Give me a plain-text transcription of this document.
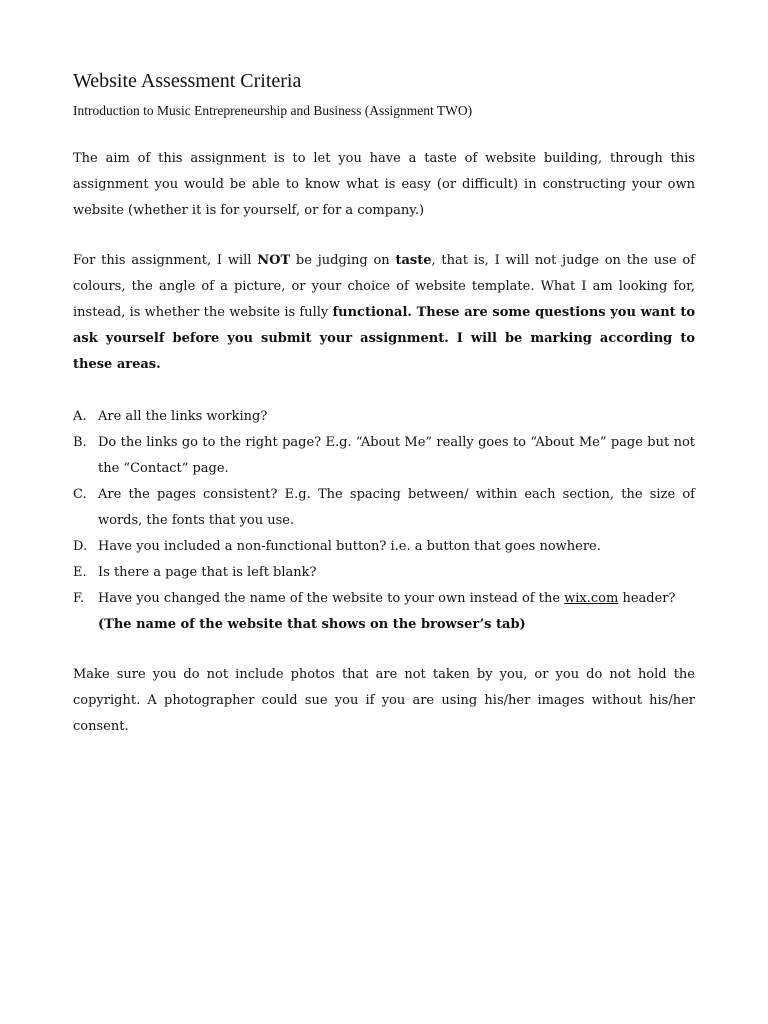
Website Assessment Criteria
Introduction to Music Entrepreneurship and Business (Assignment TWO)

The aim of this assignment is to let you have a taste of website building, through this assignment you would be able to know what is easy (or difficult) in constructing your own website (whether it is for yourself, or for a company.)

For this assignment, I will NOT be judging on taste, that is, I will not judge on the use of colours, the angle of a picture, or your choice of website template. What I am looking for, instead, is whether the website is fully functional. These are some questions you want to ask yourself before you submit your assignment. I will be marking according to these areas.

A. Are all the links working?
B. Do the links go to the right page? E.g. “About Me” really goes to “About Me” page but not the “Contact” page.
C. Are the pages consistent? E.g. The spacing between/ within each section, the size of words, the fonts that you use.
D. Have you included a non-functional button? i.e. a button that goes nowhere.
E. Is there a page that is left blank?
F. Have you changed the name of the website to your own instead of the wix.com header?
(The name of the website that shows on the browser’s tab)

Make sure you do not include photos that are not taken by you, or you do not hold the copyright. A photographer could sue you if you are using his/her images without his/her consent.
